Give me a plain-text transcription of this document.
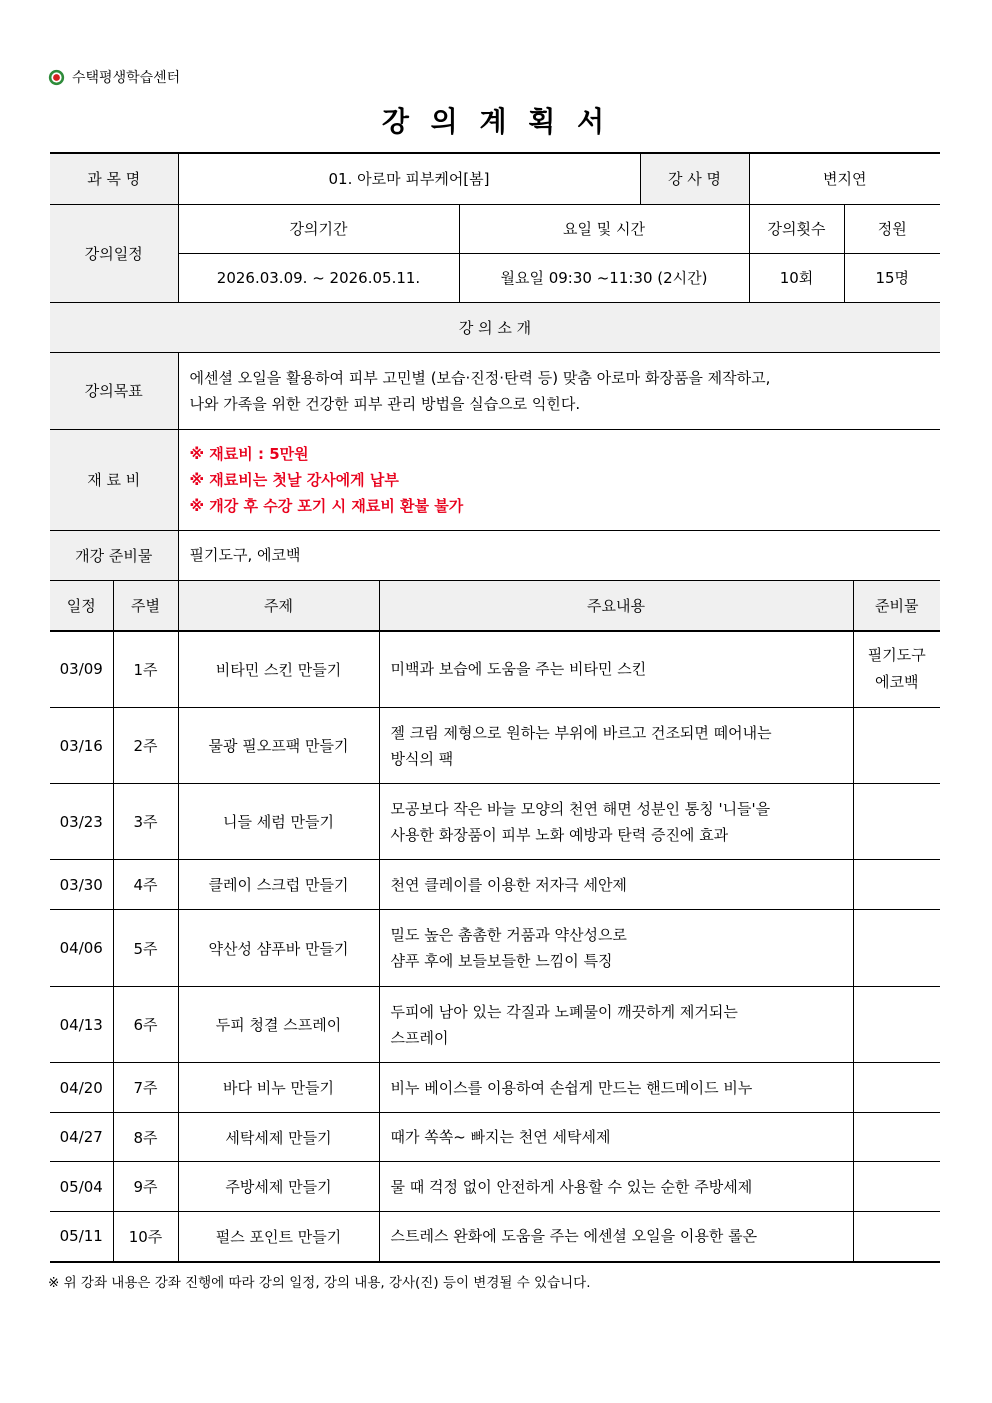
수택평생학습센터
강 의 계 획 서
과 목 명	01. 아로마 피부케어[봄]		강 사 명	변지연	
강의일정	강의기간	요일 및 시간		강의횟수	정원
	2026.03.09. ~ 2026.05.11.	월요일 09:30 ~11:30 (2시간)		10회	15명
강 의 소 개					
강의목표	에센셜 오일을 활용하여 피부 고민별 (보습·진정·탄력 등) 맞춤 아로마 화장품을 제작하고,
나와 가족을 위한 건강한 피부 관리 방법을 실습으로 익힌다.				

재 료 비	※ 재료비 : 5만원
※ 재료비는 첫날 강사에게 납부
※ 개강 후 수강 포기 시 재료비 환불 불가				

개강 준비물	필기도구, 에코백				
일정	주별	주제	주요내용	준비물
03/09	1주	비타민 스킨 만들기	미백과 보습에 도움을 주는 비타민 스킨	필기도구
에코백

03/16	2주	물광 필오프팩 만들기	젤 크림 제형으로 원하는 부위에 바르고 건조되면 떼어내는
방식의 팩	

03/23	3주	니들 세럼 만들기	모공보다 작은 바늘 모양의 천연 해면 성분인 통칭 '니들'을
사용한 화장품이 피부 노화 예방과 탄력 증진에 효과	

03/30	4주	클레이 스크럽 만들기	천연 클레이를 이용한 저자극 세안제	

04/06	5주	약산성 샴푸바 만들기	밀도 높은 촘촘한 거품과 약산성으로
샴푸 후에 보들보들한 느낌이 특징	

04/13	6주	두피 청결 스프레이	두피에 남아 있는 각질과 노폐물이 깨끗하게 제거되는
스프레이	

04/20	7주	바다 비누 만들기	비누 베이스를 이용하여 손쉽게 만드는 핸드메이드 비누	

04/27	8주	세탁세제 만들기	때가 쏙쏙~ 빠지는 천연 세탁세제	

05/04	9주	주방세제 만들기	물 때 걱정 없이 안전하게 사용할 수 있는 순한 주방세제	

05/11	10주	펄스 포인트 만들기	스트레스 완화에 도움을 주는 에센셜 오일을 이용한 롤온	

※ 위 강좌 내용은 강좌 진행에 따라 강의 일정, 강의 내용, 강사(진) 등이 변경될 수 있습니다.
